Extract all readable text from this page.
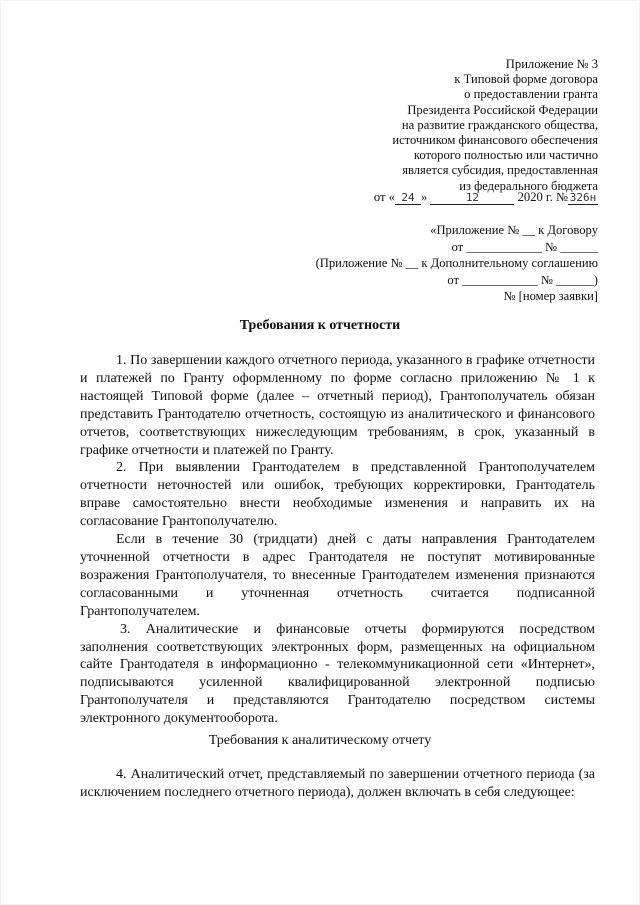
Приложение № 3
к Типовой форме договора
о предоставлении гранта
Президента Российской Федерации
на развитие гражданского общества,
источником финансового обеспечения
которого полностью или частично
является субсидия, предоставленная
из федерального бюджета
от « 24 »	12	2020 г. № 326н
«Приложение № __ к Договору
от ____________ № ______
(Приложение № __ к Дополнительному соглашению
от ____________ № ______)
№ [номер заявки]
Требования к отчетности

1. По завершении каждого отчетного периода, указанного в графике отчетности и платежей по Гранту оформленному по форме согласно приложению № 1 к настоящей Типовой форме (далее – отчетный период), Грантополучатель обязан представить Грантодателю отчетность, состоящую из аналитического и финансового отчетов, соответствующих нижеследующим требованиям, в срок, указанный в графике отчетности и платежей по Гранту.

2. При выявлении Грантодателем в представленной Грантополучателем отчетности неточностей или ошибок, требующих корректировки, Грантодатель вправе самостоятельно внести необходимые изменения и направить их на согласование Грантополучателю.

Если в течение 30 (тридцати) дней с даты направления Грантодателем уточненной отчетности в адрес Грантодателя не поступят мотивированные возражения Грантополучателя, то внесенные Грантодателем изменения признаются согласованными и уточненная отчетность считается подписанной Грантополучателем.

3. Аналитические и финансовые отчеты формируются посредством заполнения соответствующих электронных форм, размещенных на официальном сайте Грантодателя в информационно - телекоммуникационной сети «Интернет», подписываются усиленной квалифицированной электронной подписью Грантополучателя и представляются Грантодателю посредством системы электронного документооборота.

Требования к аналитическому отчету

4. Аналитический отчет, представляемый по завершении отчетного периода (за исключением последнего отчетного периода), должен включать в себя следующее:
